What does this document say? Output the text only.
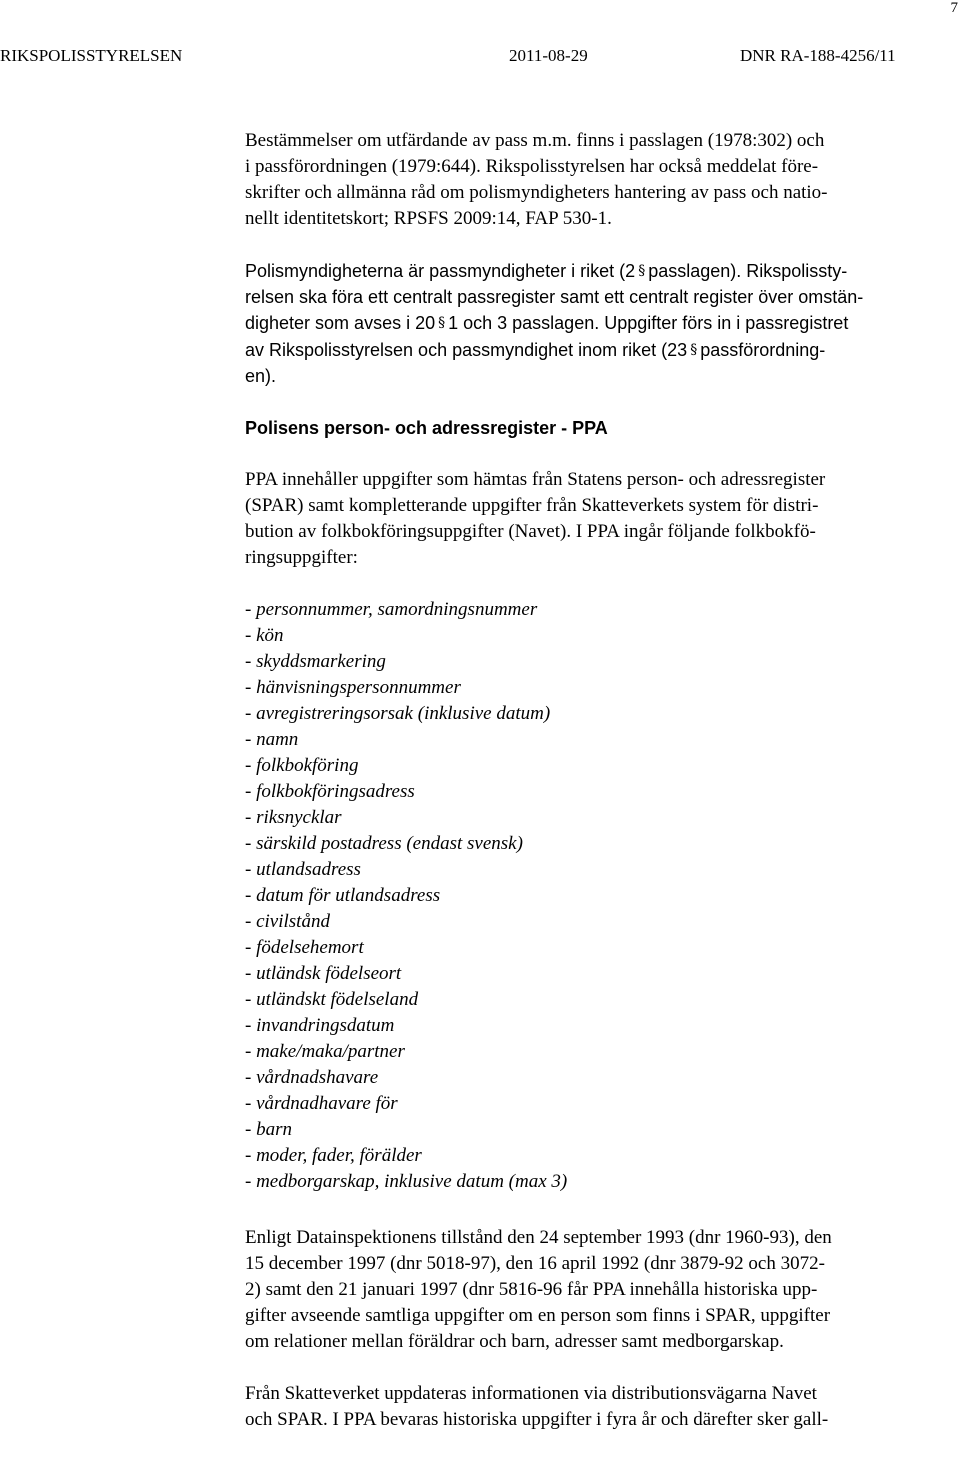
7
RIKSPOLISSTYRELSEN	2011-08-29	DNR RA-188-4256/11

Bestämmelser om utfärdande av pass m.m. finns i passlagen (1978:302) och
i passförordningen (1979:644). Rikspolisstyrelsen har också meddelat före-
skrifter och allmänna råd om polismyndigheters hantering av pass och natio-
nellt identitetskort; RPSFS 2009:14, FAP 530-1.

Polismyndigheterna är passmyndigheter i riket (2 § passlagen). Rikspolissty-
relsen ska föra ett centralt passregister samt ett centralt register över omstän-
digheter som avses i 20 § 1 och 3 passlagen. Uppgifter förs in i passregistret
av Rikspolisstyrelsen och passmyndighet inom riket (23 § passförordning-
en).

Polisens person- och adressregister - PPA

PPA innehåller uppgifter som hämtas från Statens person- och adressregister
(SPAR) samt kompletterande uppgifter från Skatteverkets system för distri-
bution av folkbokföringsuppgifter (Navet). I PPA ingår följande folkbokfö-
ringsuppgifter:

- personnummer, samordningsnummer
- kön
- skyddsmarkering
- hänvisningspersonnummer
- avregistreringsorsak (inklusive datum)
- namn
- folkbokföring
- folkbokföringsadress
- riksnycklar
- särskild postadress (endast svensk)
- utlandsadress
- datum för utlandsadress
- civilstånd
- födelsehemort
- utländsk födelseort
- utländskt födelseland
- invandringsdatum
- make/maka/partner
- vårdnadshavare
- vårdnadhavare för
- barn
- moder, fader, förälder
- medborgarskap, inklusive datum (max 3)

Enligt Datainspektionens tillstånd den 24 september 1993 (dnr 1960-93), den
15 december 1997 (dnr 5018-97), den 16 april 1992 (dnr 3879-92 och 3072-
2) samt den 21 januari 1997 (dnr 5816-96 får PPA innehålla historiska upp-
gifter avseende samtliga uppgifter om en person som finns i SPAR, uppgifter
om relationer mellan föräldrar och barn, adresser samt medborgarskap.

Från Skatteverket uppdateras informationen via distributionsvägarna Navet
och SPAR. I PPA bevaras historiska uppgifter i fyra år och därefter sker gall-
